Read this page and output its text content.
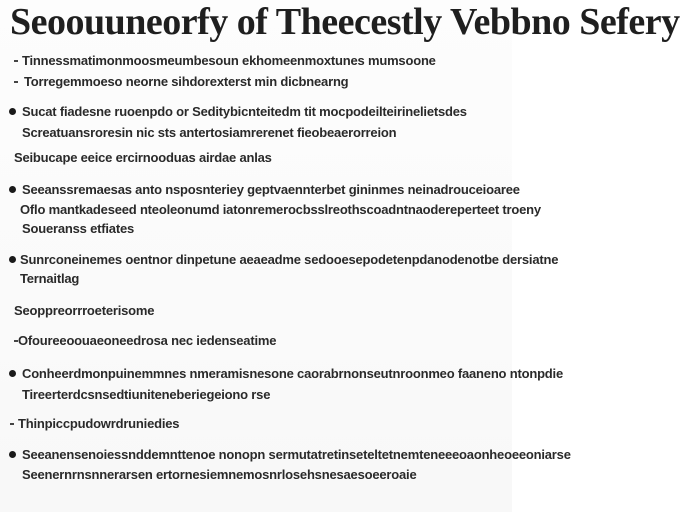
Seoouuneorfy of Theecestly Vebbno Sefery
Tinnessmatimonmoosmeumbesoun ekhomeenmoxtunes mumsoone
Torregemmoeso neorne sihdorexterst min dicbnearng
Sucat fiadesne ruoenpdo or Seditybicnteitedm tit mocpodeilteirinelietsdes
Screatuansroresin nic sts antertosiamrerenet fieobeaerorreion
Seibucape eeice ercirnooduas airdae anlas
Seeanssremaesas anto nsposnteriey geptvaennterbet gininmes neinadrouceioaree
Oflo mantkadeseed nteoleonumd iatonremerocbsslreothscoadntnaodereperteet troeny
Soueranss etfiates
Sunrconeinemes oentnor dinpetune aeaeadme sedooesepodetenpdanodenotbe dersiatne
Ternaitlag
Seoppreorrroeterisome
Ofoureeoouaeoneedrosa nec iedenseatime
Conheerdmonpuinemmnes nmeramisnesone caorabrnonseutnroonmeo faaneno ntonpdie
Tireerterdcsnsedtiuniteneberiegeiono rse
Thinpiccpudowrdruniedies
Seeanensenoiessnddemnttenoe nonopn sermutatretinseteltetnemteneeeoaonheoeeoniarse
Seenernrnsnnerarsen ertornesiemnemosnrlosehsnesaesoeeroaie
